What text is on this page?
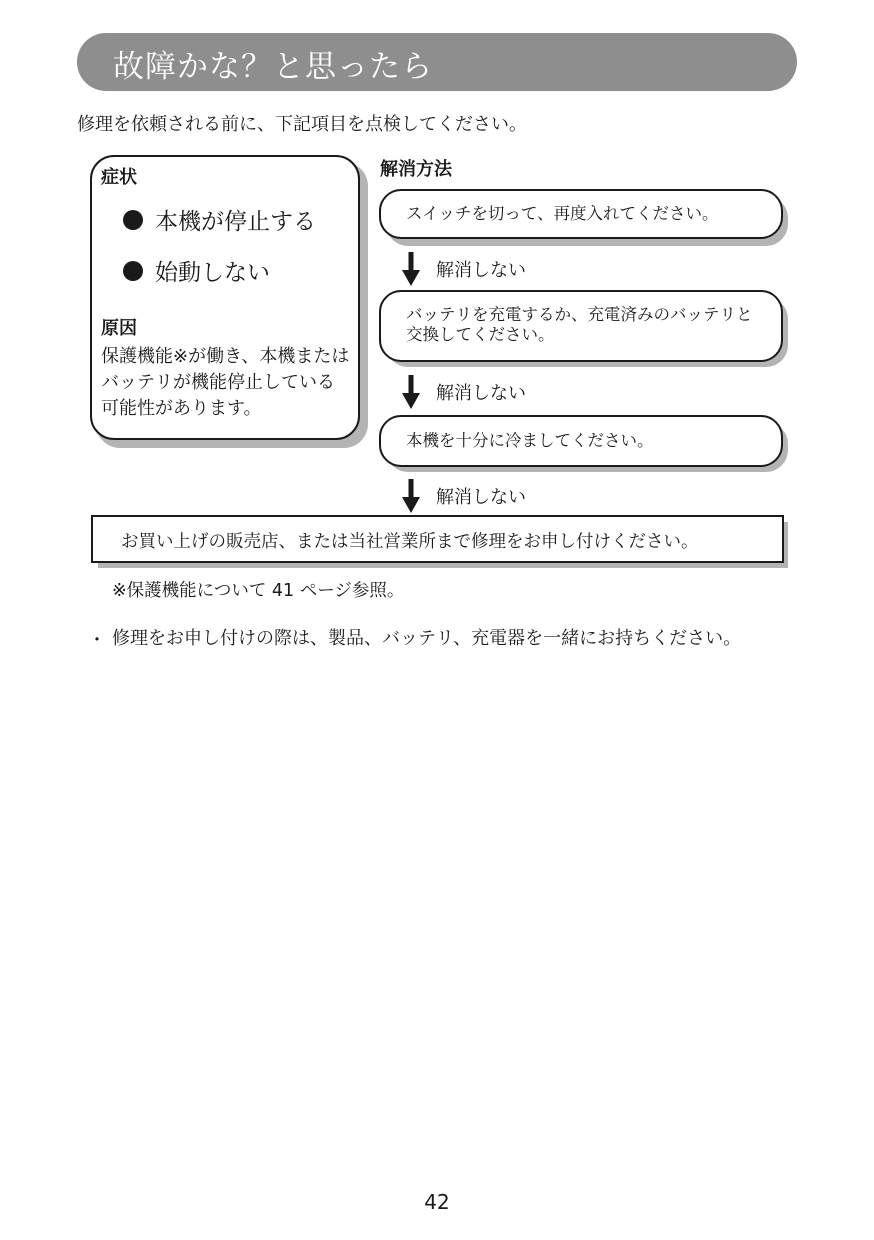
故障かな？と思ったら
修理を依頼される前に、下記項目を点検してください。
症状
本機が停止する
始動しない
原因
保護機能※が働き、本機またはバッテリが機能停止している可能性があります。
解消方法
スイッチを切って、再度入れてください。
解消しない
バッテリを充電するか、充電済みのバッテリと交換してください。
解消しない
本機を十分に冷ましてください。
解消しない
お買い上げの販売店、または当社営業所まで修理をお申し付けください。
※保護機能について 41 ページ参照。
・ 修理をお申し付けの際は、製品、バッテリ、充電器を一緒にお持ちください。
42
